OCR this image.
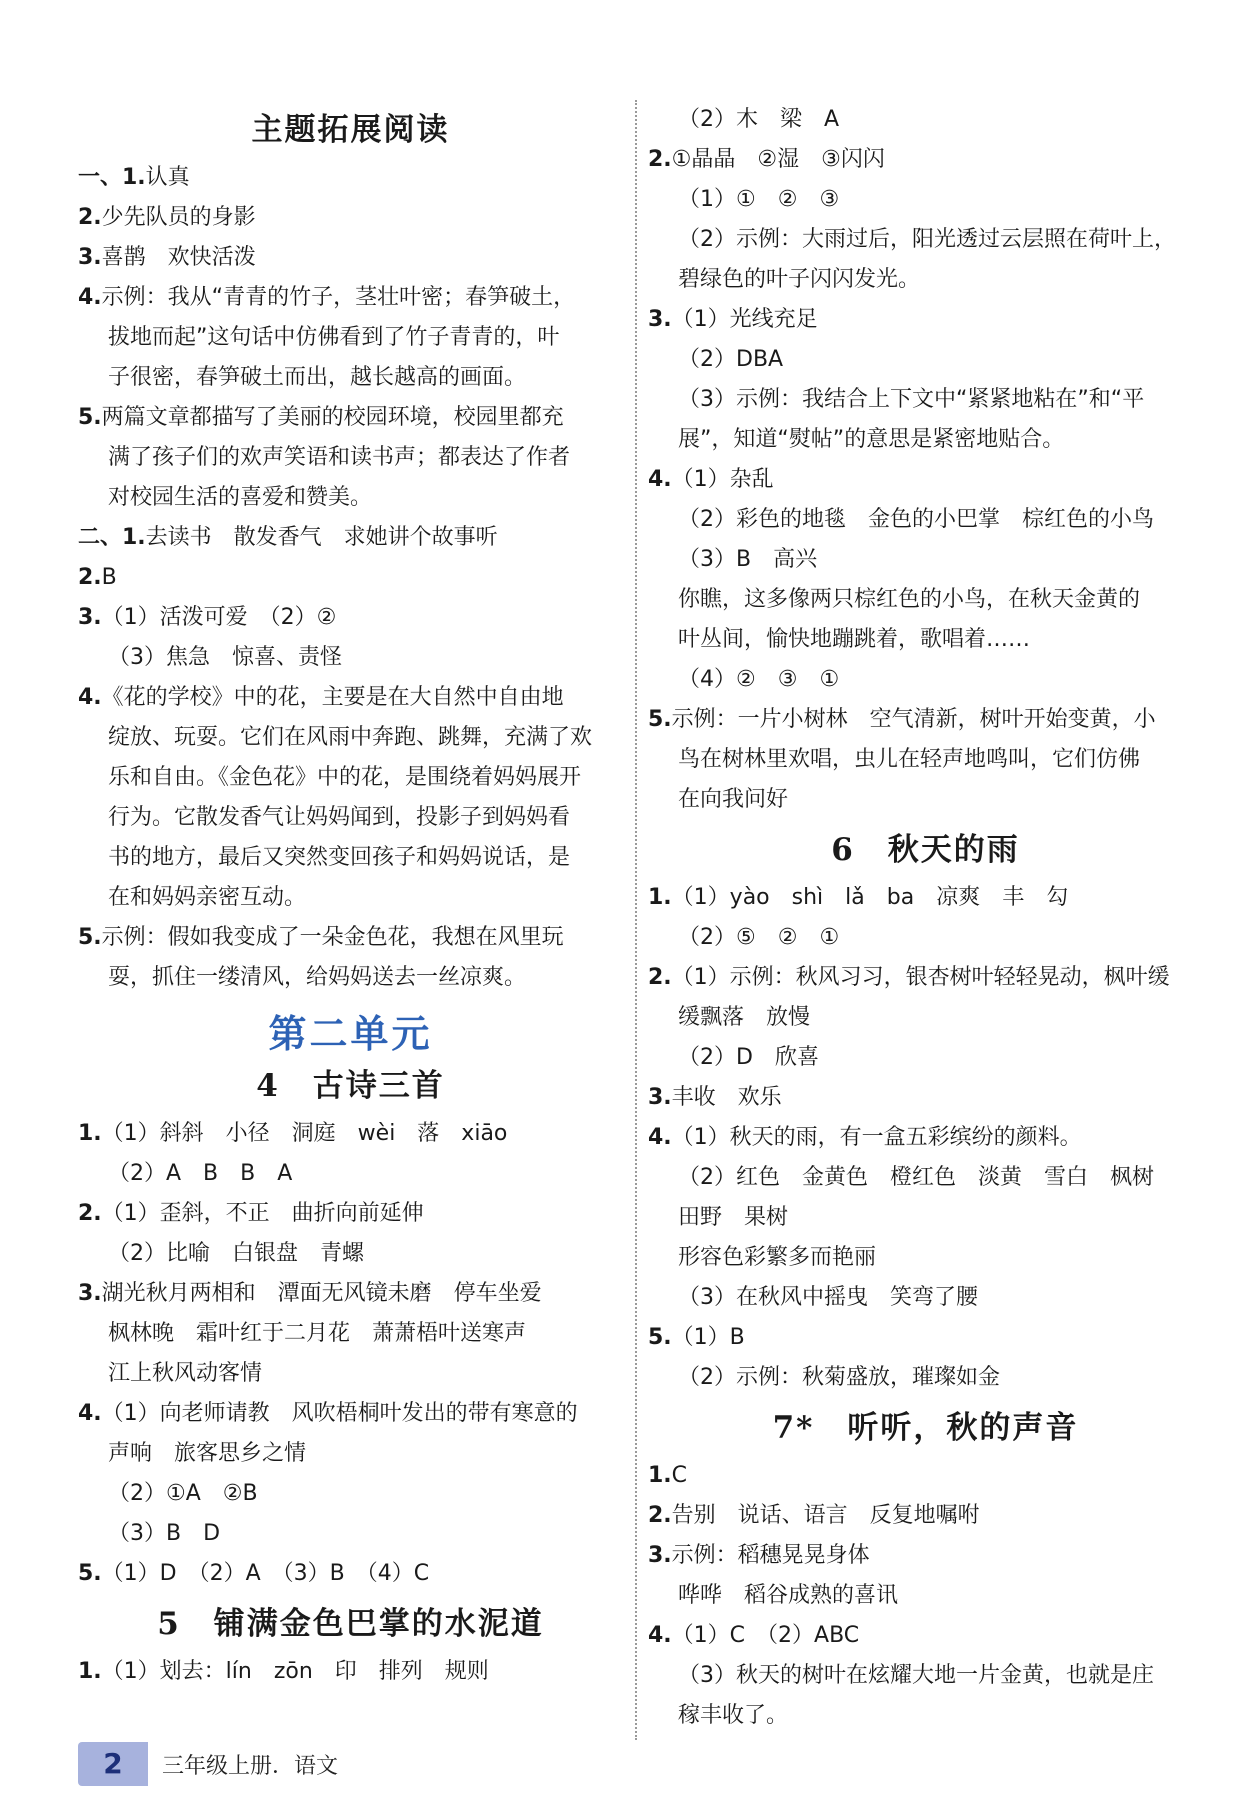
主题拓展阅读
一、1.认真
2.少先队员的身影
3.喜鹊　欢快活泼
4.示例：我从“青青的竹子，茎壮叶密；春笋破土，
拔地而起”这句话中仿佛看到了竹子青青的，叶
子很密，春笋破土而出，越长越高的画面。
5.两篇文章都描写了美丽的校园环境，校园里都充
满了孩子们的欢声笑语和读书声；都表达了作者
对校园生活的喜爱和赞美。
二、1.去读书　散发香气　求她讲个故事听
2.B
3.（1）活泼可爱　（2）②
（3）焦急　惊喜、责怪
4.《花的学校》中的花，主要是在大自然中自由地
绽放、玩耍。它们在风雨中奔跑、跳舞，充满了欢
乐和自由。《金色花》中的花，是围绕着妈妈展开
行为。它散发香气让妈妈闻到，投影子到妈妈看
书的地方，最后又突然变回孩子和妈妈说话，是
在和妈妈亲密互动。
5.示例：假如我变成了一朵金色花，我想在风里玩
耍，抓住一缕清风，给妈妈送去一丝凉爽。
第二单元
4　古诗三首
1.（1）斜斜　小径　洞庭　wèi　落　xiāo
（2）A　B　B　A
2.（1）歪斜，不正　曲折向前延伸
（2）比喻　白银盘　青螺
3.湖光秋月两相和　潭面无风镜未磨　停车坐爱
枫林晚　霜叶红于二月花　萧萧梧叶送寒声
江上秋风动客情
4.（1）向老师请教　风吹梧桐叶发出的带有寒意的
声响　旅客思乡之情
（2）①A　②B
（3）B　D
5.（1）D　（2）A　（3）B　（4）C
5　铺满金色巴掌的水泥道
1.（1）划去：lín　zōn　印　排列　规则
（2）木　梁　A
2.①晶晶　②湿　③闪闪
（1）①　②　③
（2）示例：大雨过后，阳光透过云层照在荷叶上，
碧绿色的叶子闪闪发光。
3.（1）光线充足
（2）DBA
（3）示例：我结合上下文中“紧紧地粘在”和“平
展”，知道“熨帖”的意思是紧密地贴合。
4.（1）杂乱
（2）彩色的地毯　金色的小巴掌　棕红色的小鸟
（3）B　高兴
你瞧，这多像两只棕红色的小鸟，在秋天金黄的
叶丛间，愉快地蹦跳着，歌唱着……
（4）②　③　①
5.示例：一片小树林　空气清新，树叶开始变黄，小
鸟在树林里欢唱，虫儿在轻声地鸣叫，它们仿佛
在向我问好
6　秋天的雨
1.（1）yào　shì　lǎ　ba　凉爽　丰　勾
（2）⑤　②　①
2.（1）示例：秋风习习，银杏树叶轻轻晃动，枫叶缓
缓飘落　放慢
（2）D　欣喜
3.丰收　欢乐
4.（1）秋天的雨，有一盒五彩缤纷的颜料。
（2）红色　金黄色　橙红色　淡黄　雪白　枫树
田野　果树
形容色彩繁多而艳丽
（3）在秋风中摇曳　笑弯了腰
5.（1）B
（2）示例：秋菊盛放，璀璨如金
7*　听听，秋的声音
1.C
2.告别　说话、语言　反复地嘱咐
3.示例：稻穗晃晃身体
哗哗　稻谷成熟的喜讯
4.（1）C　（2）ABC
（3）秋天的树叶在炫耀大地一片金黄，也就是庄
稼丰收了。
2	三年级上册．语文
